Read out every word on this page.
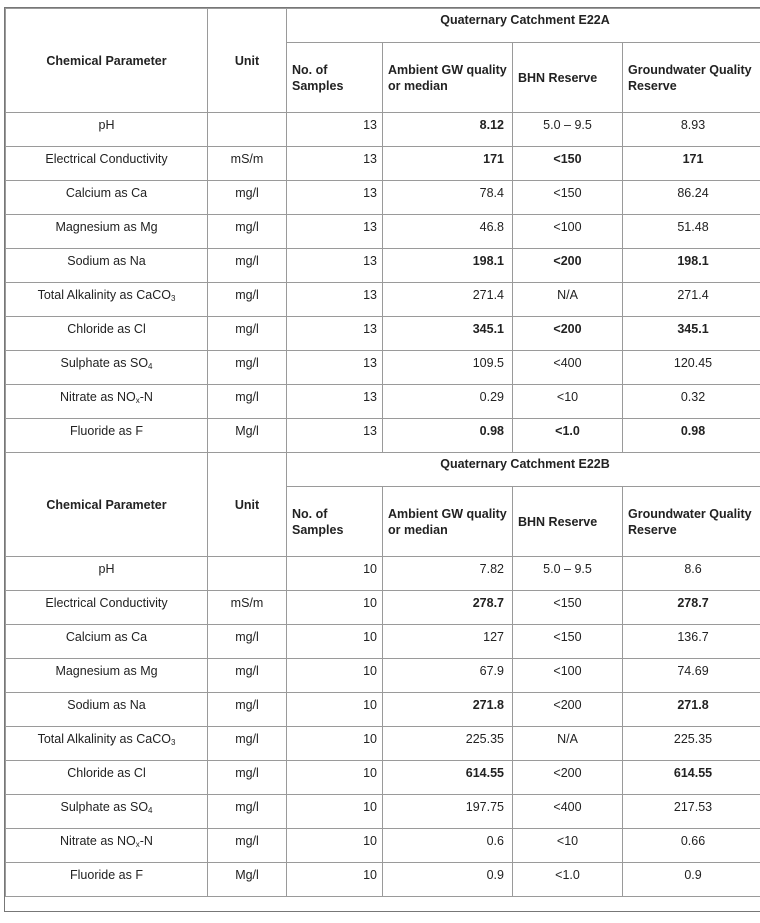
Chemical Parameter	Unit	Quaternary Catchment E22A			
		No. of Samples	Ambient GW quality or median	BHN Reserve	Groundwater Quality Reserve
pH		13	8.12	5.0 – 9.5	8.93
Electrical Conductivity	mS/m	13	171	<150	171
Calcium as Ca	mg/l	13	78.4	<150	86.24
Magnesium as Mg	mg/l	13	46.8	<100	51.48
Sodium as Na	mg/l	13	198.1	<200	198.1
Total Alkalinity as CaCO$_3$	mg/l	13	271.4	N/A	271.4
Chloride as Cl	mg/l	13	345.1	<200	345.1
Sulphate as $SO_4$	mg/l	13	109.5	<400	120.45
Nitrate as $NO_x-N$	mg/l	13	0.29	<10	0.32
Fluoride as F	Mg/l	13	0.98	<1.0	0.98
Chemical Parameter	Unit	Quaternary Catchment E22B			
		No. of Samples	Ambient GW quality or median	BHN Reserve	Groundwater Quality Reserve
pH		10	7.82	5.0 – 9.5	8.6
Electrical Conductivity	mS/m	10	278.7	<150	278.7
Calcium as Ca	mg/l	10	127	<150	136.7
Magnesium as Mg	mg/l	10	67.9	<100	74.69
Sodium as Na	mg/l	10	271.8	<200	271.8
Total Alkalinity as CaCO$_3$	mg/l	10	225.35	N/A	225.35
Chloride as Cl	mg/l	10	614.55	<200	614.55
Sulphate as $SO_4$	mg/l	10	197.75	<400	217.53
Nitrate as $NO_x-N$	mg/l	10	0.6	<10	0.66
Fluoride as F	Mg/l	10	0.9	<1.0	0.9
